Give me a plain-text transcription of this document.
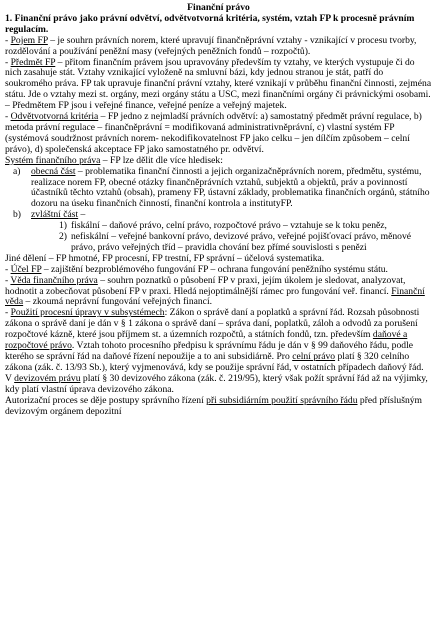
Finanční právo
1. Finanční právo jako právní odvětví, odvětvotvorná kritéria, systém, vztah FP k procesně právním regulacím.

- Pojem FP – je souhrn právních norem, které upravují finančněprávní vztahy - vznikající v procesu tvorby, rozdělování a používání peněžní masy (veřejných peněžních fondů – rozpočtů).

- Předmět FP – přitom finančním právem jsou upravovány především ty vztahy, ve kterých vystupuje či do nich zasahuje stát. Vztahy vznikající vyloženě na smluvní bázi, kdy jednou stranou je stát, patří do soukromého práva. FP tak upravuje finanční právní vztahy, které vznikají v průběhu finanční činnosti, zejména státu. Jde o vztahy mezi st. orgány, mezi orgány státu a USC, mezi finančními orgány či právnickými osobami. – Předmětem FP jsou i veřejné finance, veřejné peníze a veřejný majetek.

- Odvětvotvorná kritéria – FP jedno z nejmladší právních odvětví: a) samostatný předmět právní regulace, b) metoda právní regulace – finančněprávní = modifikovaná administrativněprávní, c) vlastní systém FP (systémová soudržnost právních norem- nekodifikovatelnost FP jako celku – jen dílčím způsobem – celní právo), d) společenská akceptace FP jako samostatného pr. odvětví.

Systém finančního práva – FP lze dělit dle více hledisek:

a)	obecná část – problematika finanční činnosti a jejich organizačněprávních norem, předmětu, systému, realizace norem FP, obecné otázky finančněprávních vztahů, subjektů a objektů, práv a povinností účastníků těchto vztahů (obsah), prameny FP, ústavní základy, problematika finančních orgánů, státního dozoru na úseku finančních činností, finanční kontrola a institutyFP.
b)	zvláštní část –
1) fiskální – daňové právo, celní právo, rozpočtové právo – vztahuje se k toku peněz,
2) nefiskální – veřejné bankovní právo, devizové právo, veřejné pojišťovací právo, měnové právo, právo veřejných tříd – pravidla chování bez přímé souvislosti s penězi

Jiné dělení – FP hmotné, FP procesní, FP trestní, FP správní – účelová systematika.

- Účel FP – zajištění bezproblémového fungování FP – ochrana fungování peněžního systému státu.

- Věda finančního práva – souhrn poznatků o působení FP v praxi, jejím úkolem je sledovat, analyzovat, hodnotit a zobecňovat působení FP v praxi. Hledá nejoptimálnější rámec pro fungování veř. financí. Finanční věda – zkoumá neprávní fungování veřejných financí.

- Použití procesní úpravy v subsystémech: Zákon o správě daní a poplatků a správní řád. Rozsah působnosti zákona o správě daní je dán v § 1 zákona o správě daní – správa daní, poplatků, záloh a odvodů za porušení rozpočtové kázně, které jsou příjmem st. a územních rozpočtů, a státních fondů, tzn. především daňové a rozpočtové právo. Vztah tohoto procesního předpisu k správnímu řádu je dán v § 99 daňového řádu, podle kterého se správní řád na daňové řízení nepoužije a to ani subsidiárně. Pro celní právo platí § 320 celního zákona (zák. č. 13/93 Sb.), který vyjmenovává, kdy se použije správní řád, v ostatních případech daňový řád. V devizovém právu platí § 30 devizového zákona (zák. č. 219/95), který však požít správní řád až na výjimky, kdy platí vlastní úprava devizového zákona.

Autorizační proces se děje postupy správního řízení při subsidiárním použití správního řádu před příslušným devizovým orgánem depozitní
